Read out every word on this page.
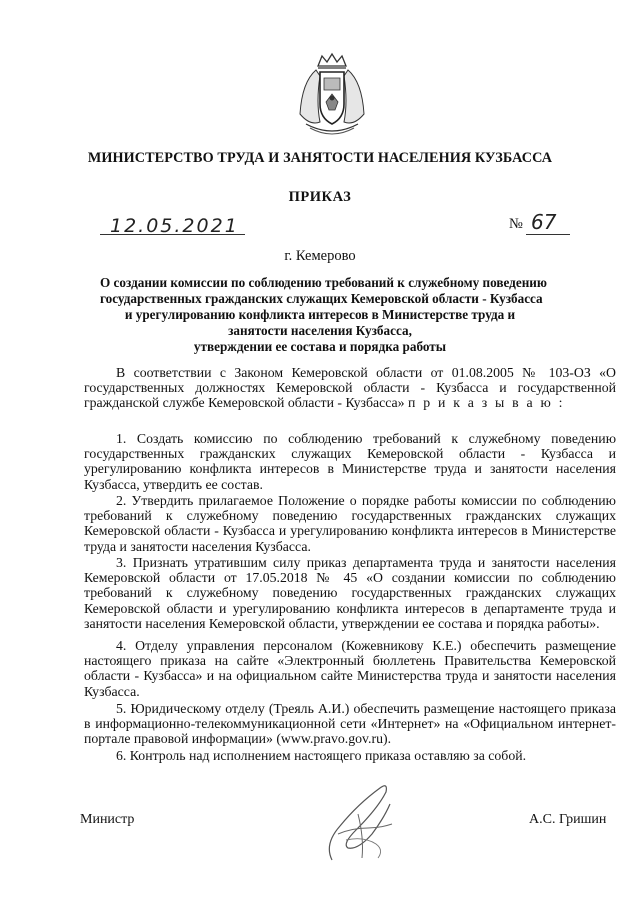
МИНИСТЕРСТВО ТРУДА И ЗАНЯТОСТИ НАСЕЛЕНИЯ КУЗБАССА
ПРИКАЗ
12.05.2021	№ 67
г. Кемерово
О создании комиссии по соблюдению требований к служебному поведению
государственных гражданских служащих Кемеровской области - Кузбасса
и урегулированию конфликта интересов в Министерстве труда и
занятости населения Кузбасса,
утверждении ее состава и порядка работы

В соответствии с Законом Кемеровской области от 01.08.2005 № 103-ОЗ «О государственных должностях Кемеровской области - Кузбасса и государственной гражданской службе Кемеровской области - Кузбасса» п р и к а з ы в а ю :

1. Создать комиссию по соблюдению требований к служебному поведению государственных гражданских служащих Кемеровской области - Кузбасса и урегулированию конфликта интересов в Министерстве труда и занятости населения Кузбасса, утвердить ее состав.

2. Утвердить прилагаемое Положение о порядке работы комиссии по соблюдению требований к служебному поведению государственных гражданских служащих Кемеровской области - Кузбасса и урегулированию конфликта интересов в Министерстве труда и занятости населения Кузбасса.

3. Признать утратившим силу приказ департамента труда и занятости населения Кемеровской области от 17.05.2018 № 45 «О создании комиссии по соблюдению требований к служебному поведению государственных гражданских служащих Кемеровской области и урегулированию конфликта интересов в департаменте труда и занятости населения Кемеровской области, утверждении ее состава и порядка работы».

4. Отделу управления персоналом (Кожевникову К.Е.) обеспечить размещение настоящего приказа на сайте «Электронный бюллетень Правительства Кемеровской области - Кузбасса» и на официальном сайте Министерства труда и занятости населения Кузбасса.

5. Юридическому отделу (Треяль А.И.) обеспечить размещение настоящего приказа в информационно-телекоммуникационной сети «Интернет» на «Официальном интернет-портале правовой информации» (www.pravo.gov.ru).

6. Контроль над исполнением настоящего приказа оставляю за собой.

Министр	А.С. Гришин
